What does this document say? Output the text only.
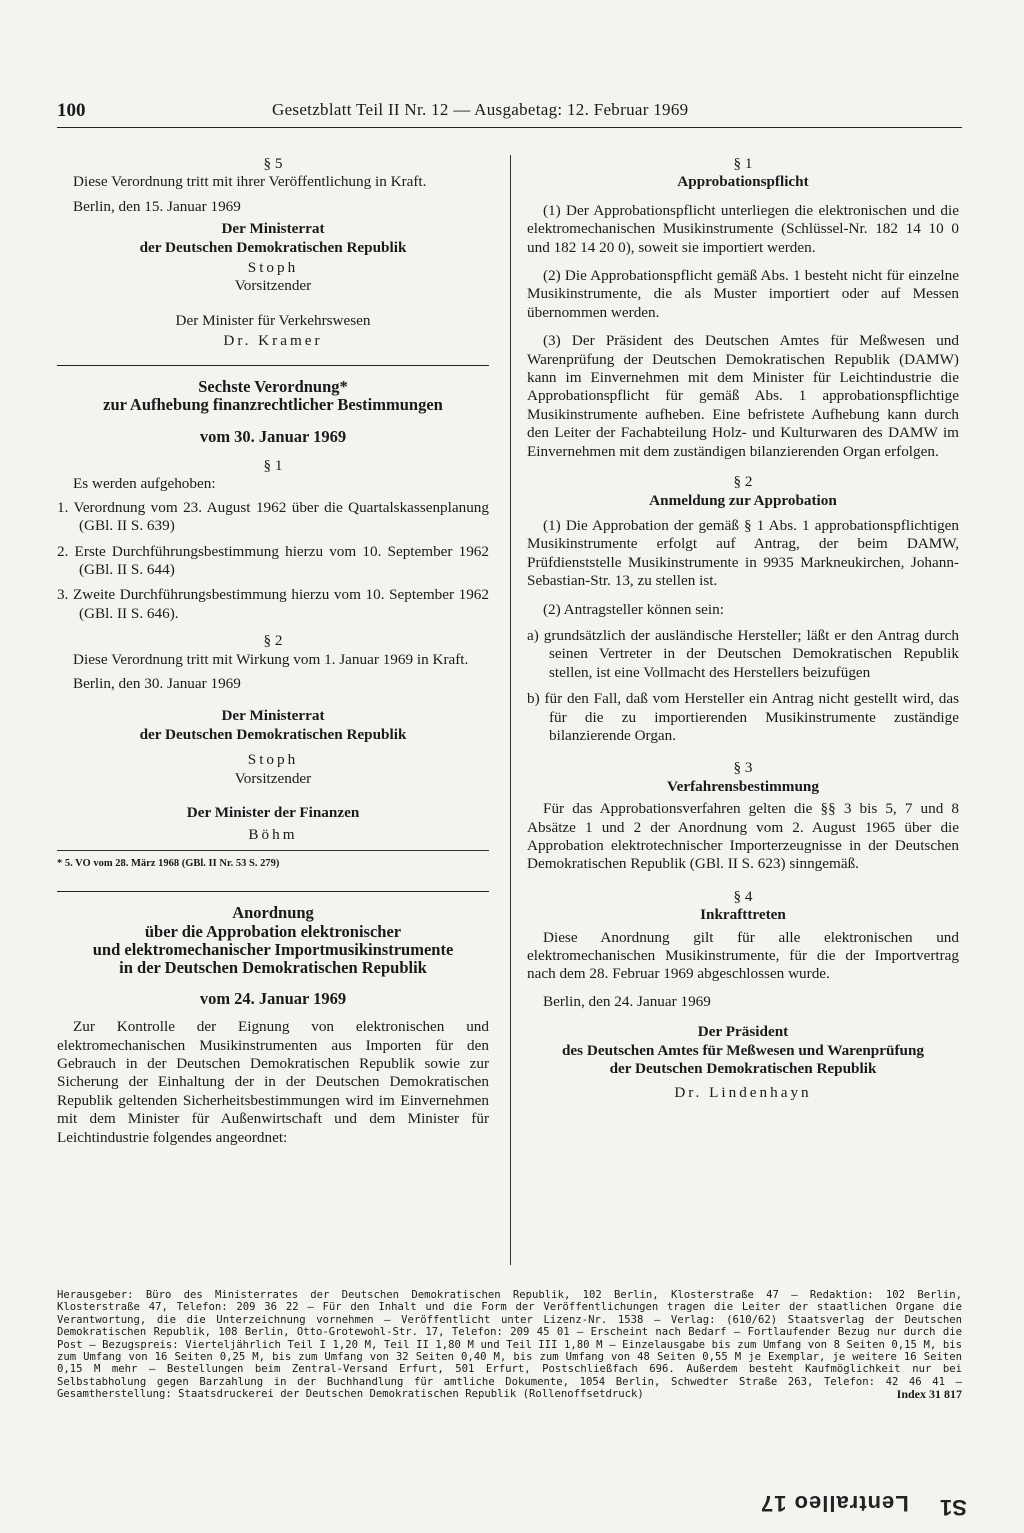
100	Gesetzblatt Teil II Nr. 12 — Ausgabetag: 12. Februar 1969

§ 5

Diese Verordnung tritt mit ihrer Veröffentlichung in Kraft.

Berlin, den 15. Januar 1969

Der Ministerrat

der Deutschen Demokratischen Republik

Stoph

Vorsitzender

Der Minister für Verkehrswesen

Dr. Kramer

Sechste Verordnung*

zur Aufhebung finanzrechtlicher Bestimmungen

vom 30. Januar 1969

§ 1

Es werden aufgehoben:

1. Verordnung vom 23. August 1962 über die Quartalskassenplanung (GBl. II S. 639)

2. Erste Durchführungsbestimmung hierzu vom 10. September 1962 (GBl. II S. 644)

3. Zweite Durchführungsbestimmung hierzu vom 10. September 1962 (GBl. II S. 646).

§ 2

Diese Verordnung tritt mit Wirkung vom 1. Januar 1969 in Kraft.

Berlin, den 30. Januar 1969

Der Ministerrat

der Deutschen Demokratischen Republik

Stoph

Vorsitzender

Der Minister der Finanzen

Böhm

* 5. VO vom 28. März 1968 (GBl. II Nr. 53 S. 279)

Anordnung

über die Approbation elektronischer

und elektromechanischer Importmusikinstrumente

in der Deutschen Demokratischen Republik

vom 24. Januar 1969

Zur Kontrolle der Eignung von elektronischen und elektromechanischen Musikinstrumenten aus Importen für den Gebrauch in der Deutschen Demokratischen Republik sowie zur Sicherung der Einhaltung der in der Deutschen Demokratischen Republik geltenden Sicherheitsbestimmungen wird im Einvernehmen mit dem Minister für Außenwirtschaft und dem Minister für Leichtindustrie folgendes angeordnet:

§ 1

Approbationspflicht

(1) Der Approbationspflicht unterliegen die elektronischen und die elektromechanischen Musikinstrumente (Schlüssel-Nr. 182 14 10 0 und 182 14 20 0), soweit sie importiert werden.

(2) Die Approbationspflicht gemäß Abs. 1 besteht nicht für einzelne Musikinstrumente, die als Muster importiert oder auf Messen übernommen werden.

(3) Der Präsident des Deutschen Amtes für Meßwesen und Warenprüfung der Deutschen Demokratischen Republik (DAMW) kann im Einvernehmen mit dem Minister für Leichtindustrie die Approbationspflicht für gemäß Abs. 1 approbationspflichtige Musikinstrumente aufheben. Eine befristete Aufhebung kann durch den Leiter der Fachabteilung Holz- und Kulturwaren des DAMW im Einvernehmen mit dem zuständigen bilanzierenden Organ erfolgen.

§ 2

Anmeldung zur Approbation

(1) Die Approbation der gemäß § 1 Abs. 1 approbationspflichtigen Musikinstrumente erfolgt auf Antrag, der beim DAMW, Prüfdienststelle Musikinstrumente in 9935 Markneukirchen, Johann-Sebastian-Str. 13, zu stellen ist.

(2) Antragsteller können sein:

a) grundsätzlich der ausländische Hersteller; läßt er den Antrag durch seinen Vertreter in der Deutschen Demokratischen Republik stellen, ist eine Vollmacht des Herstellers beizufügen

b) für den Fall, daß vom Hersteller ein Antrag nicht gestellt wird, das für die zu importierenden Musikinstrumente zuständige bilanzierende Organ.

§ 3

Verfahrensbestimmung

Für das Approbationsverfahren gelten die §§ 3 bis 5, 7 und 8 Absätze 1 und 2 der Anordnung vom 2. August 1965 über die Approbation elektrotechnischer Importerzeugnisse in der Deutschen Demokratischen Republik (GBl. II S. 623) sinngemäß.

§ 4

Inkrafttreten

Diese Anordnung gilt für alle elektronischen und elektromechanischen Musikinstrumente, für die der Importvertrag nach dem 28. Februar 1969 abgeschlossen wurde.

Berlin, den 24. Januar 1969

Der Präsident

des Deutschen Amtes für Meßwesen und Warenprüfung

der Deutschen Demokratischen Republik

Dr. Lindenhayn

Herausgeber: Büro des Ministerrates der Deutschen Demokratischen Republik, 102 Berlin, Klosterstraße 47 – Redaktion: 102 Berlin, Klosterstraße 47, Telefon: 209 36 22 – Für den Inhalt und die Form der Veröffentlichungen tragen die Leiter der staatlichen Organe die Verantwortung, die die Unterzeichnung vornehmen – Veröffentlicht unter Lizenz-Nr. 1538 – Verlag: (610/62) Staatsverlag der Deutschen Demokratischen Republik, 108 Berlin, Otto-Grotewohl-Str. 17, Telefon: 209 45 01 – Erscheint nach Bedarf – Fortlaufender Bezug nur durch die Post – Bezugspreis: Vierteljährlich Teil I 1,20 M, Teil II 1,80 M und Teil III 1,80 M – Einzelausgabe bis zum Umfang von 8 Seiten 0,15 M, bis zum Umfang von 16 Seiten 0,25 M, bis zum Umfang von 32 Seiten 0,40 M, bis zum Umfang von 48 Seiten 0,55 M je Exemplar, je weitere 16 Seiten 0,15 M mehr – Bestellungen beim Zentral-Versand Erfurt, 501 Erfurt, Postschließfach 696. Außerdem besteht Kaufmöglichkeit nur bei Selbstabholung gegen Barzahlung in der Buchhandlung für amtliche Dokumente, 1054 Berlin, Schwedter Straße 263, Telefon: 42 46 41 – Gesamtherstellung: Staatsdruckerei der Deutschen Demokratischen Republik (Rollenoffsetdruck)	Index 31 817
Lentralleo 17 S1
